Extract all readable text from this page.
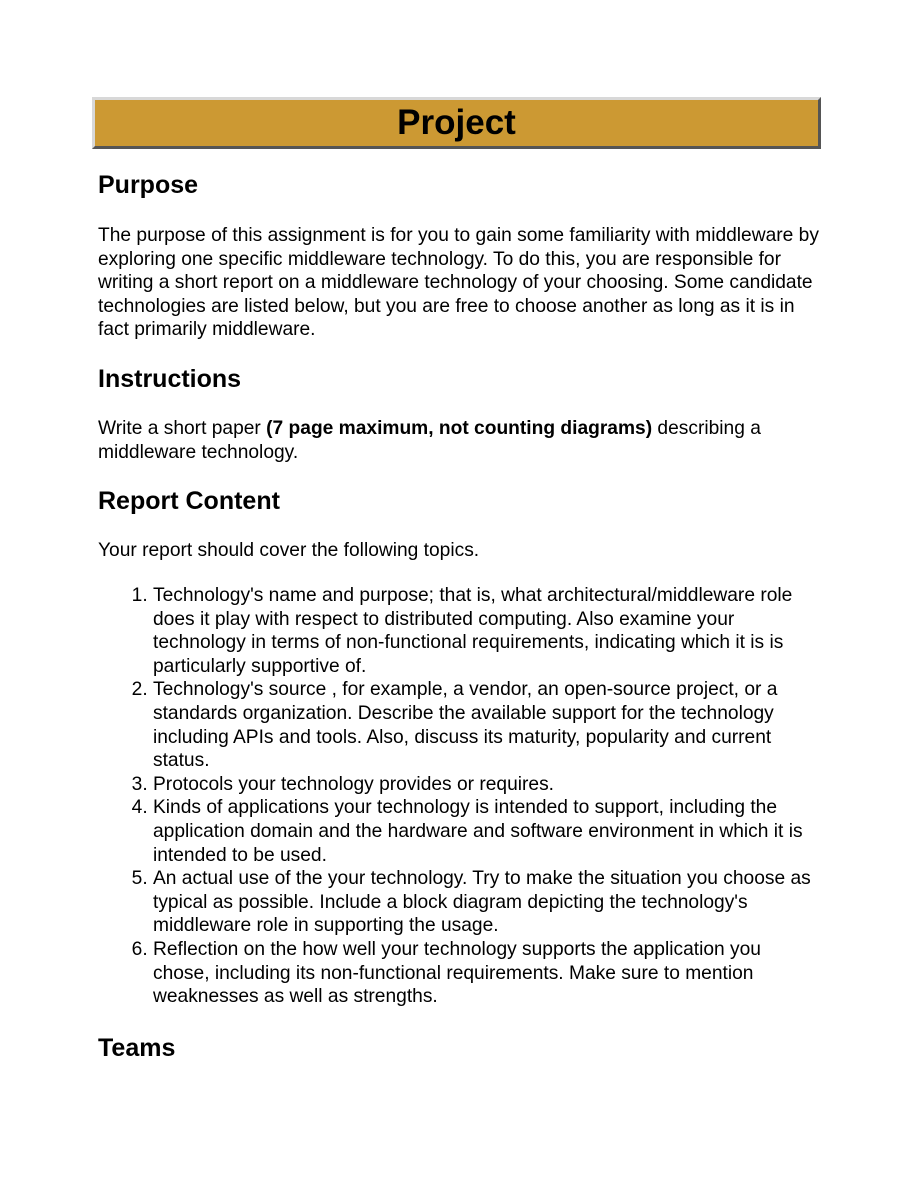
Project
Purpose

The purpose of this assignment is for you to gain some familiarity with middleware by exploring one specific middleware technology. To do this, you are responsible for writing a short report on a middleware technology of your choosing. Some candidate technologies are listed below, but you are free to choose another as long as it is in fact primarily middleware.

Instructions

Write a short paper (7 page maximum, not counting diagrams) describing a middleware technology.

Report Content

Your report should cover the following topics.

1. Technology's name and purpose; that is, what architectural/middleware role does it play with respect to distributed computing. Also examine your technology in terms of non-functional requirements, indicating which it is is particularly supportive of.
2. Technology's source , for example, a vendor, an open-source project, or a standards organization. Describe the available support for the technology including APIs and tools. Also, discuss its maturity, popularity and current status.
3. Protocols your technology provides or requires.
4. Kinds of applications your technology is intended to support, including the application domain and the hardware and software environment in which it is intended to be used.
5. An actual use of the your technology. Try to make the situation you choose as typical as possible. Include a block diagram depicting the technology's middleware role in supporting the usage.
6. Reflection on the how well your technology supports the application you chose, including its non-functional requirements. Make sure to mention weaknesses as well as strengths.
Teams
